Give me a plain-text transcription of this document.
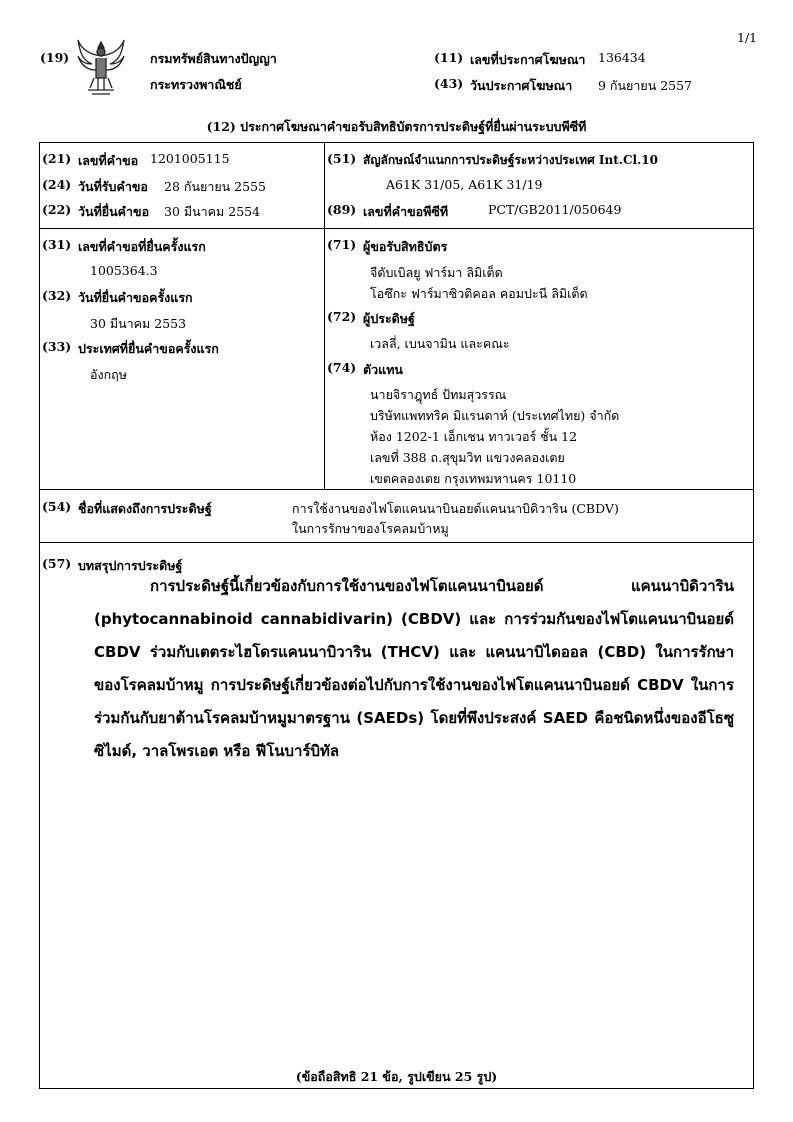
1/1
(19)	กรมทรัพย์สินทางปัญญา
กระทรวงพาณิชย์
(11) เลขที่ประกาศโฆษณา 136434
(43) วันประกาศโฆษณา 9 กันยายน 2557
(12) ประกาศโฆษณาคำขอรับสิทธิบัตรการประดิษฐ์ที่ยื่นผ่านระบบพีซีที
(21) เลขที่คำขอ 1201005115
(24) วันที่รับคำขอ 28 กันยายน 2555
(22) วันที่ยื่นคำขอ 30 มีนาคม 2554
(51) สัญลักษณ์จำแนกการประดิษฐ์ระหว่างประเทศ Int.Cl.10
A61K 31/05, A61K 31/19
(89) เลขที่คำขอพีซีที	PCT/GB2011/050649
(31) เลขที่คำขอที่ยื่นครั้งแรก
1005364.3
(32) วันที่ยื่นคำขอครั้งแรก
30 มีนาคม 2553
(33) ประเทศที่ยื่นคำขอครั้งแรก
อังกฤษ
(71) ผู้ขอรับสิทธิบัตร
จีดับเบิลยู ฟาร์มา ลิมิเต็ด
โอซึกะ ฟาร์มาซิวติคอล คอมปะนี ลิมิเต็ด
(72) ผู้ประดิษฐ์
เวลลี่, เบนจามิน และคณะ
(74) ตัวแทน
นายจิราฎุทธ์ ป้ทมสุวรรณ
บริษัทแพททริค มิแรนดาห์ (ประเทศไทย) จำกัด
ห้อง 1202-1 เอ็กเชน ทาวเวอร์ ชั้น 12
เลขที่ 388 ถ.สุขุมวิท แขวงคลองเตย
เขตคลองเตย กรุงเทพมหานคร 10110
(54) ชื่อที่แสดงถึงการประดิษฐ์	การใช้งานของไฟโตแคนนาบินอยด์แคนนาบิดิวาริน (CBDV)
ในการรักษาของโรคลมบ้าหมู
(57) บทสรุปการประดิษฐ์

การประดิษฐ์นี้เกี่ยวข้องกับการใช้งานของไฟโตแคนนาบินอยด์ แคนนาบิดิวาริน (phytocannabinoid cannabidivarin) (CBDV) และ การร่วมกันของไฟโตแคนนาบินอยด์ CBDV ร่วมกับเตตระไฮโดรแคนนาบิวาริน (THCV) และ แคนนาบิไดออล (CBD) ในการรักษาของโรคลมบ้าหมู การประดิษฐ์เกี่ยวข้องต่อไปกับการใช้งานของไฟโตแคนนาบินอยด์ CBDV ในการร่วมกันกับยาต้านโรคลมบ้าหมูมาตรฐาน (SAEDs) โดยที่พึงประสงค์ SAED คือชนิดหนึ่งของอีโธซูซิไมด์, วาลโพรเอต หรือ ฟีโนบาร์บิทัล

(ข้อถือสิทธิ 21 ข้อ, รูปเขียน 25 รูป)
